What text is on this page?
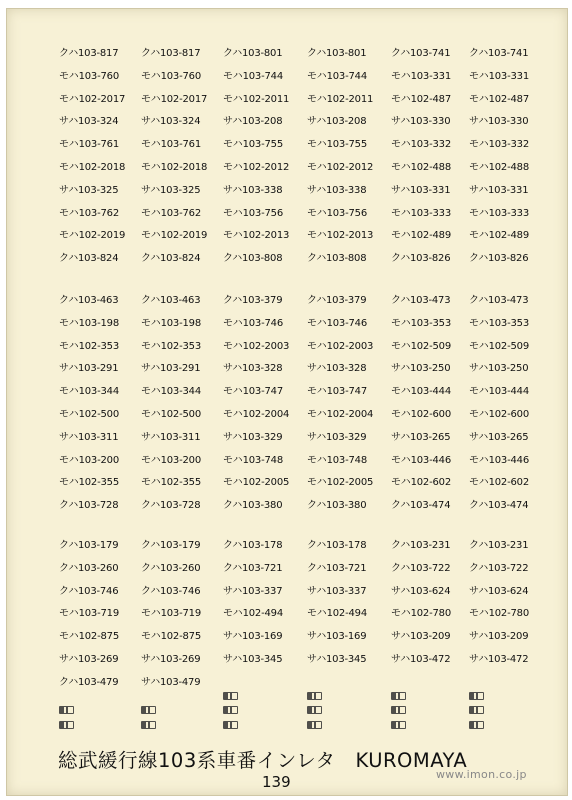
クハ103-817	クハ103-817	クハ103-801	クハ103-801	クハ103-741	クハ103-741
モハ103-760	モハ103-760	モハ103-744	モハ103-744	モハ103-331	モハ103-331
モハ102-2017	モハ102-2017	モハ102-2011	モハ102-2011	モハ102-487	モハ102-487
サハ103-324	サハ103-324	サハ103-208	サハ103-208	サハ103-330	サハ103-330
モハ103-761	モハ103-761	モハ103-755	モハ103-755	モハ103-332	モハ103-332
モハ102-2018	モハ102-2018	モハ102-2012	モハ102-2012	モハ102-488	モハ102-488
サハ103-325	サハ103-325	サハ103-338	サハ103-338	サハ103-331	サハ103-331
モハ103-762	モハ103-762	モハ103-756	モハ103-756	モハ103-333	モハ103-333
モハ102-2019	モハ102-2019	モハ102-2013	モハ102-2013	モハ102-489	モハ102-489
クハ103-824	クハ103-824	クハ103-808	クハ103-808	クハ103-826	クハ103-826
クハ103-463	クハ103-463	クハ103-379	クハ103-379	クハ103-473	クハ103-473
モハ103-198	モハ103-198	モハ103-746	モハ103-746	モハ103-353	モハ103-353
モハ102-353	モハ102-353	モハ102-2003	モハ102-2003	モハ102-509	モハ102-509
サハ103-291	サハ103-291	サハ103-328	サハ103-328	サハ103-250	サハ103-250
モハ103-344	モハ103-344	モハ103-747	モハ103-747	モハ103-444	モハ103-444
モハ102-500	モハ102-500	モハ102-2004	モハ102-2004	モハ102-600	モハ102-600
サハ103-311	サハ103-311	サハ103-329	サハ103-329	サハ103-265	サハ103-265
モハ103-200	モハ103-200	モハ103-748	モハ103-748	モハ103-446	モハ103-446
モハ102-355	モハ102-355	モハ102-2005	モハ102-2005	モハ102-602	モハ102-602
クハ103-728	クハ103-728	クハ103-380	クハ103-380	クハ103-474	クハ103-474
クハ103-179	クハ103-179	クハ103-178	クハ103-178	クハ103-231	クハ103-231
クハ103-260	クハ103-260	クハ103-721	クハ103-721	クハ103-722	クハ103-722
クハ103-746	クハ103-746	サハ103-337	サハ103-337	サハ103-624	サハ103-624
モハ103-719	モハ103-719	モハ102-494	モハ102-494	モハ102-780	モハ102-780
モハ102-875	モハ102-875	サハ103-169	サハ103-169	サハ103-209	サハ103-209
サハ103-269	サハ103-269	サハ103-345	サハ103-345	サハ103-472	サハ103-472
クハ103-479	サハ103-479
総武緩行線103系車番インレタ　KUROMAYA
139	www.imon.co.jp
